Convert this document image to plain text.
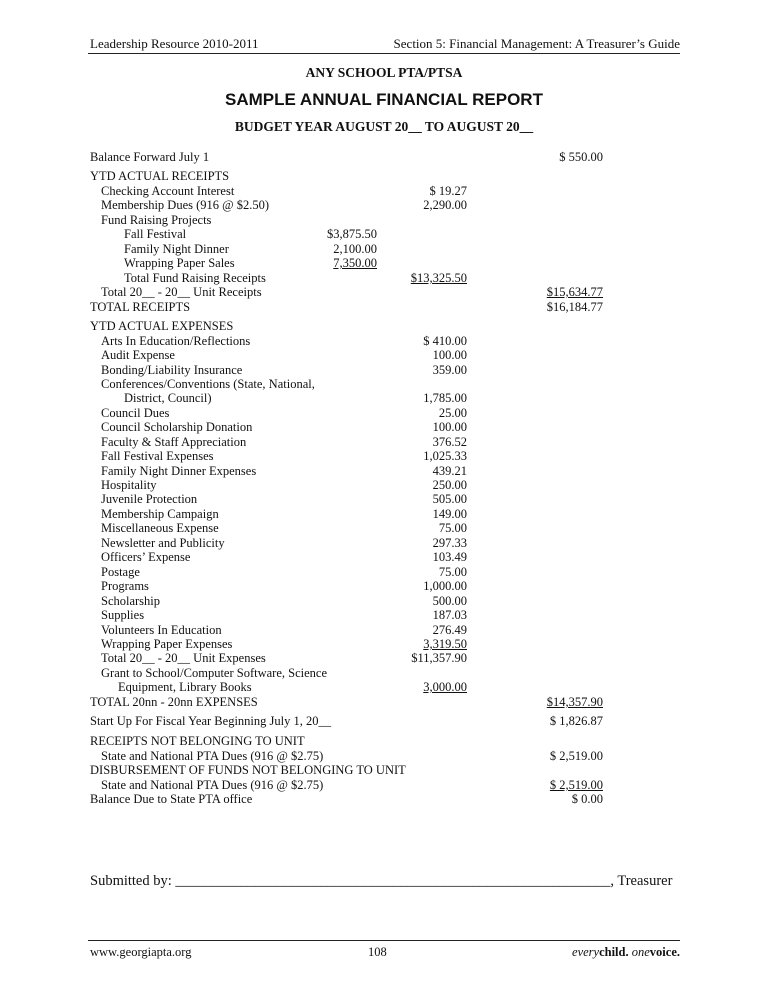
Leadership Resource 2010-2011	Section 5: Financial Management: A Treasurer’s Guide
ANY SCHOOL PTA/PTSA
SAMPLE ANNUAL FINANCIAL REPORT
BUDGET YEAR AUGUST 20__ TO AUGUST 20__
Balance Forward July 1	$ 550.00
YTD ACTUAL RECEIPTS
Checking Account Interest	$ 19.27
Membership Dues (916 @ $2.50)	2,290.00
Fund Raising Projects
Fall Festival	$3,875.50
Family Night Dinner	2,100.00
Wrapping Paper Sales	7,350.00
Total Fund Raising Receipts	$13,325.50
Total 20__ - 20__ Unit Receipts	$15,634.77
TOTAL RECEIPTS	$16,184.77
YTD ACTUAL EXPENSES
Arts In Education/Reflections	$ 410.00
Audit Expense	100.00
Bonding/Liability Insurance	359.00
Conferences/Conventions (State, National,
District, Council)	1,785.00
Council Dues	25.00
Council Scholarship Donation	100.00
Faculty & Staff Appreciation	376.52
Fall Festival Expenses	1,025.33
Family Night Dinner Expenses	439.21
Hospitality	250.00
Juvenile Protection	505.00
Membership Campaign	149.00
Miscellaneous Expense	75.00
Newsletter and Publicity	297.33
Officers’ Expense	103.49
Postage	75.00
Programs	1,000.00
Scholarship	500.00
Supplies	187.03
Volunteers In Education	276.49
Wrapping Paper Expenses	3,319.50
Total 20__ - 20__ Unit Expenses	$11,357.90
Grant to School/Computer Software, Science
Equipment, Library Books	3,000.00
TOTAL 20nn - 20nn EXPENSES	$14,357.90
Start Up For Fiscal Year Beginning July 1, 20__	$ 1,826.87
RECEIPTS NOT BELONGING TO UNIT
State and National PTA Dues (916 @ $2.75)	$ 2,519.00
DISBURSEMENT OF FUNDS NOT BELONGING TO UNIT
State and National PTA Dues (916 @ $2.75)	$ 2,519.00
Balance Due to State PTA office	$ 0.00
Submitted by: ____________________________________________________________, Treasurer
www.georgiapta.org	108	everychild. onevoice.
